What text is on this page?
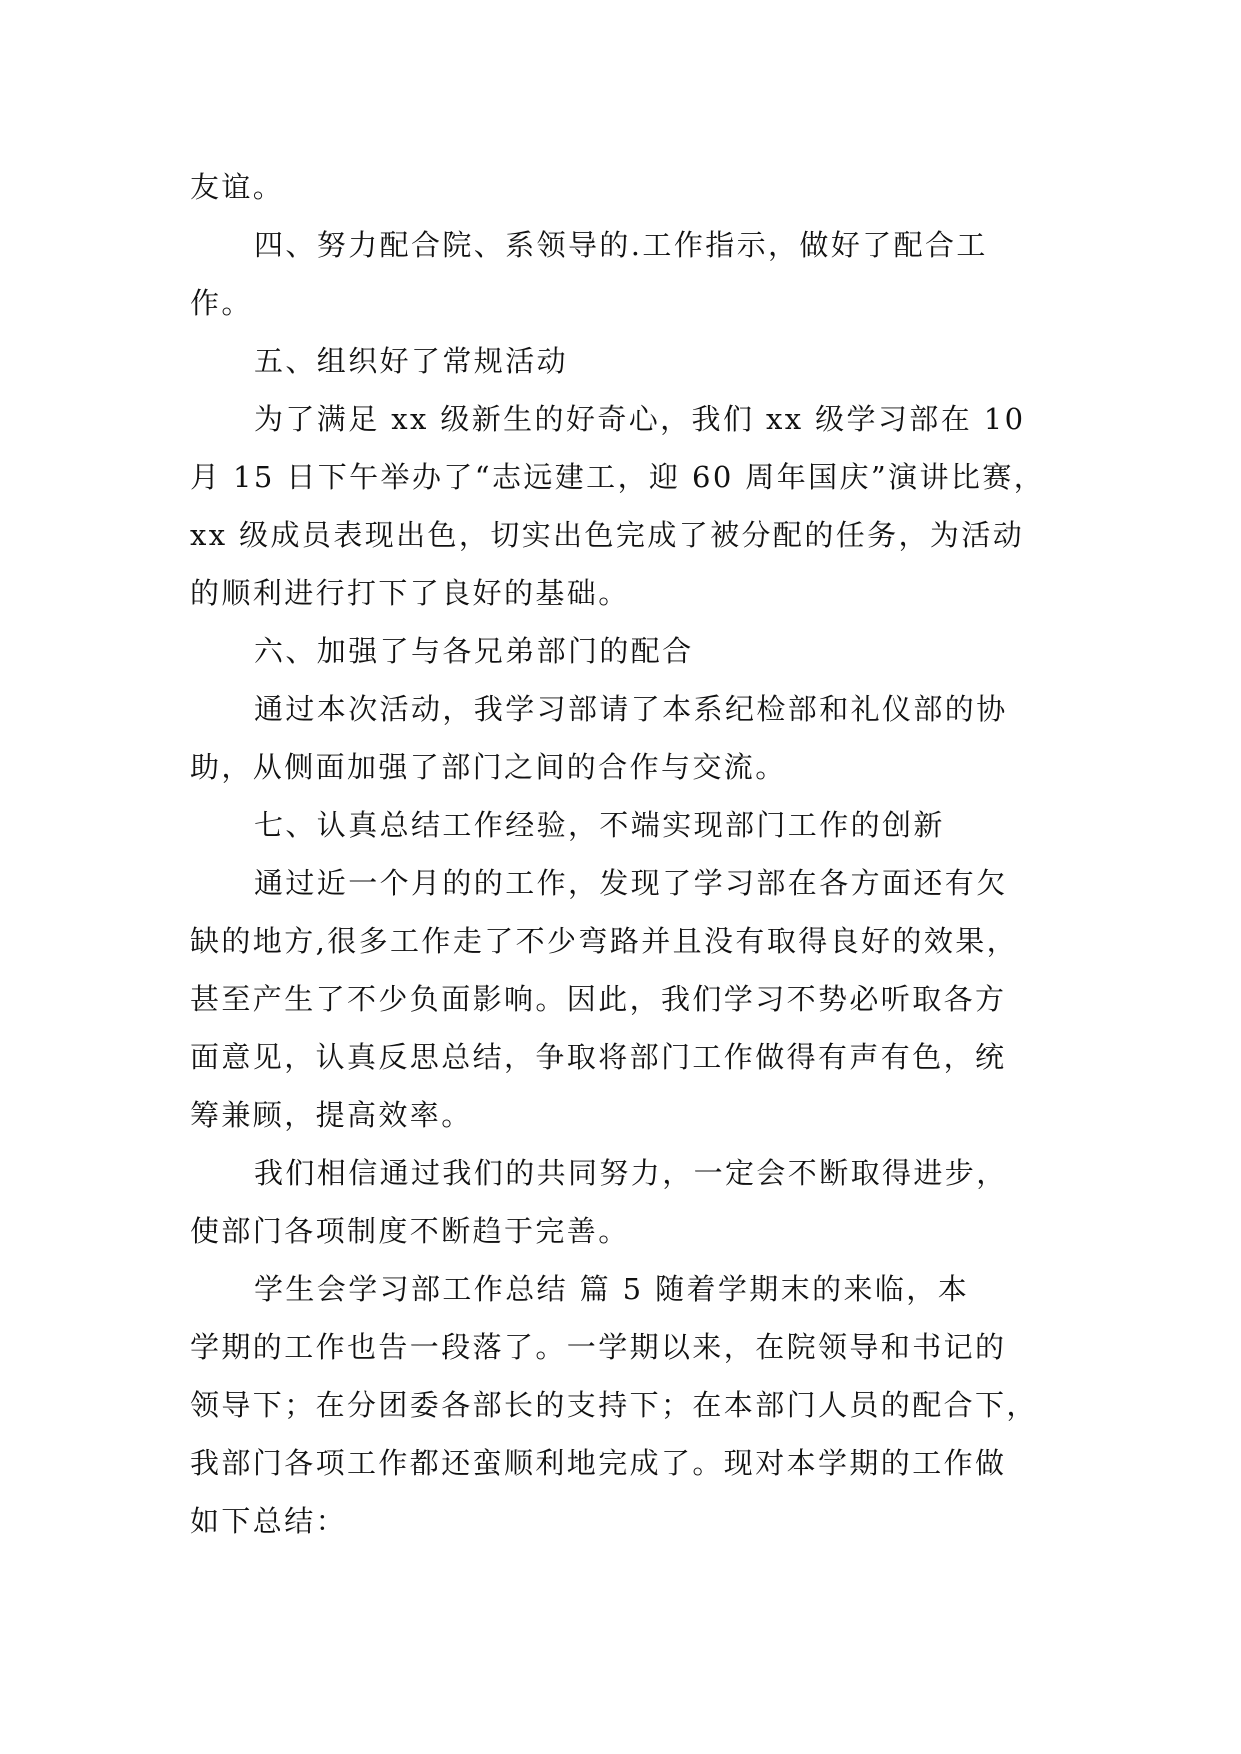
友谊。
四、努力配合院、系领导的.工作指示，做好了配合工
作。
五、组织好了常规活动
为了满足 xx 级新生的好奇心，我们 xx 级学习部在 10
月 15 日下午举办了“志远建工，迎 60 周年国庆”演讲比赛，
xx 级成员表现出色，切实出色完成了被分配的任务，为活动
的顺利进行打下了良好的基础。
六、加强了与各兄弟部门的配合
通过本次活动，我学习部请了本系纪检部和礼仪部的协
助，从侧面加强了部门之间的合作与交流。
七、认真总结工作经验，不端实现部门工作的创新
通过近一个月的的工作，发现了学习部在各方面还有欠
缺的地方,很多工作走了不少弯路并且没有取得良好的效果，
甚至产生了不少负面影响。因此，我们学习不势必听取各方
面意见，认真反思总结，争取将部门工作做得有声有色，统
筹兼顾，提高效率。
我们相信通过我们的共同努力，一定会不断取得进步，
使部门各项制度不断趋于完善。
学生会学习部工作总结 篇 5 随着学期末的来临，本
学期的工作也告一段落了。一学期以来，在院领导和书记的
领导下；在分团委各部长的支持下；在本部门人员的配合下，
我部门各项工作都还蛮顺利地完成了。现对本学期的工作做
如下总结：
